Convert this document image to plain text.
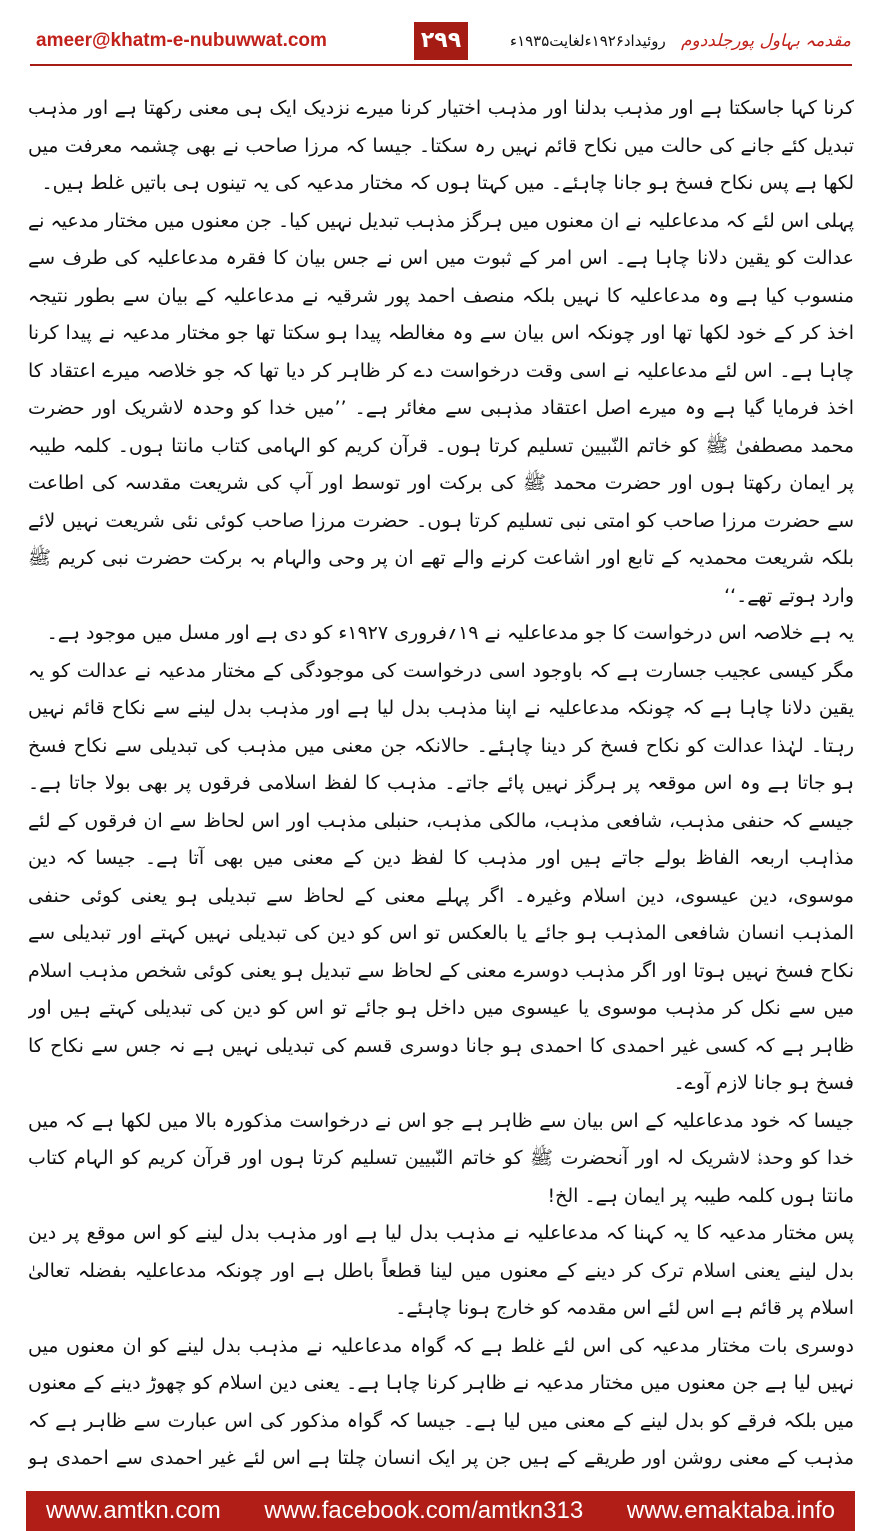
ameer@khatm-e-nubuwwat.com	۲۹۹	روئیداد۱۹۲۶ءلغایت۱۹۳۵ء مقدمہ بہاول پورجلددوم

کرنا کہا جاسکتا ہے اور مذہب بدلنا اور مذہب اختیار کرنا میرے نزدیک ایک ہی معنی رکھتا ہے اور مذہب تبدیل کئے جانے کی حالت میں نکاح قائم نہیں رہ سکتا۔ جیسا کہ مرزا صاحب نے بھی چشمہ معرفت میں لکھا ہے پس نکاح فسخ ہو جانا چاہئے۔ میں کہتا ہوں کہ مختار مدعیہ کی یہ تینوں ہی باتیں غلط ہیں۔

پہلی اس لئے کہ مدعاعلیہ نے ان معنوں میں ہرگز مذہب تبدیل نہیں کیا۔ جن معنوں میں مختار مدعیہ نے عدالت کو یقین دلانا چاہا ہے۔ اس امر کے ثبوت میں اس نے جس بیان کا فقرہ مدعاعلیہ کی طرف سے منسوب کیا ہے وہ مدعاعلیہ کا نہیں بلکہ منصف احمد پور شرقیہ نے مدعاعلیہ کے بیان سے بطور نتیجہ اخذ کر کے خود لکھا تھا اور چونکہ اس بیان سے وہ مغالطہ پیدا ہو سکتا تھا جو مختار مدعیہ نے پیدا کرنا چاہا ہے۔ اس لئے مدعاعلیہ نے اسی وقت درخواست دے کر ظاہر کر دیا تھا کہ جو خلاصہ میرے اعتقاد کا اخذ فرمایا گیا ہے وہ میرے اصل اعتقاد مذہبی سے مغائر ہے۔ ’’میں خدا کو وحدہ لاشریک اور حضرت محمد مصطفیٰ ﷺ کو خاتم النّبیین تسلیم کرتا ہوں۔ قرآن کریم کو الہامی کتاب مانتا ہوں۔ کلمہ طیبہ پر ایمان رکھتا ہوں اور حضرت محمد ﷺ کی برکت اور توسط اور آپ کی شریعت مقدسہ کی اطاعت سے حضرت مرزا صاحب کو امتی نبی تسلیم کرتا ہوں۔ حضرت مرزا صاحب کوئی نئی شریعت نہیں لائے بلکہ شریعت محمدیہ کے تابع اور اشاعت کرنے والے تھے ان پر وحی والہام بہ برکت حضرت نبی کریم ﷺ وارد ہوتے تھے۔‘‘

یہ ہے خلاصہ اس درخواست کا جو مدعاعلیہ نے ۱۹؍فروری ۱۹۲۷ء کو دی ہے اور مسل میں موجود ہے۔

مگر کیسی عجیب جسارت ہے کہ باوجود اسی درخواست کی موجودگی کے مختار مدعیہ نے عدالت کو یہ یقین دلانا چاہا ہے کہ چونکہ مدعاعلیہ نے اپنا مذہب بدل لیا ہے اور مذہب بدل لینے سے نکاح قائم نہیں رہتا۔ لہٰذا عدالت کو نکاح فسخ کر دینا چاہئے۔ حالانکہ جن معنی میں مذہب کی تبدیلی سے نکاح فسخ ہو جاتا ہے وہ اس موقعہ پر ہرگز نہیں پائے جاتے۔ مذہب کا لفظ اسلامی فرقوں پر بھی بولا جاتا ہے۔ جیسے کہ حنفی مذہب، شافعی مذہب، مالکی مذہب، حنبلی مذہب اور اس لحاظ سے ان فرقوں کے لئے مذاہب اربعہ الفاظ بولے جاتے ہیں اور مذہب کا لفظ دین کے معنی میں بھی آتا ہے۔ جیسا کہ دین موسوی، دین عیسوی، دین اسلام وغیرہ۔ اگر پہلے معنی کے لحاظ سے تبدیلی ہو یعنی کوئی حنفی المذہب انسان شافعی المذہب ہو جائے یا بالعکس تو اس کو دین کی تبدیلی نہیں کہتے اور تبدیلی سے نکاح فسخ نہیں ہوتا اور اگر مذہب دوسرے معنی کے لحاظ سے تبدیل ہو یعنی کوئی شخص مذہب اسلام میں سے نکل کر مذہب موسوی یا عیسوی میں داخل ہو جائے تو اس کو دین کی تبدیلی کہتے ہیں اور ظاہر ہے کہ کسی غیر احمدی کا احمدی ہو جانا دوسری قسم کی تبدیلی نہیں ہے نہ جس سے نکاح کا فسخ ہو جانا لازم آوے۔

جیسا کہ خود مدعاعلیہ کے اس بیان سے ظاہر ہے جو اس نے درخواست مذکورہ بالا میں لکھا ہے کہ میں خدا کو وحدہٗ لاشریک لہ اور آنحضرت ﷺ کو خاتم النّبیین تسلیم کرتا ہوں اور قرآن کریم کو الہام کتاب مانتا ہوں کلمہ طیبہ پر ایمان ہے۔ الخ!

پس مختار مدعیہ کا یہ کہنا کہ مدعاعلیہ نے مذہب بدل لیا ہے اور مذہب بدل لینے کو اس موقع پر دین بدل لینے یعنی اسلام ترک کر دینے کے معنوں میں لینا قطعاً باطل ہے اور چونکہ مدعاعلیہ بفضلہ تعالیٰ اسلام پر قائم ہے اس لئے اس مقدمہ کو خارج ہونا چاہئے۔

دوسری بات مختار مدعیہ کی اس لئے غلط ہے کہ گواہ مدعاعلیہ نے مذہب بدل لینے کو ان معنوں میں نہیں لیا ہے جن معنوں میں مختار مدعیہ نے ظاہر کرنا چاہا ہے۔ یعنی دین اسلام کو چھوڑ دینے کے معنوں میں بلکہ فرقے کو بدل لینے کے معنی میں لیا ہے۔ جیسا کہ گواہ مذکور کی اس عبارت سے ظاہر ہے کہ مذہب کے معنی روشن اور طریقے کے ہیں جن پر ایک انسان چلتا ہے اس لئے غیر احمدی سے احمدی ہو

www.amtkn.com www.facebook.com/amtkn313 www.emaktaba.info
